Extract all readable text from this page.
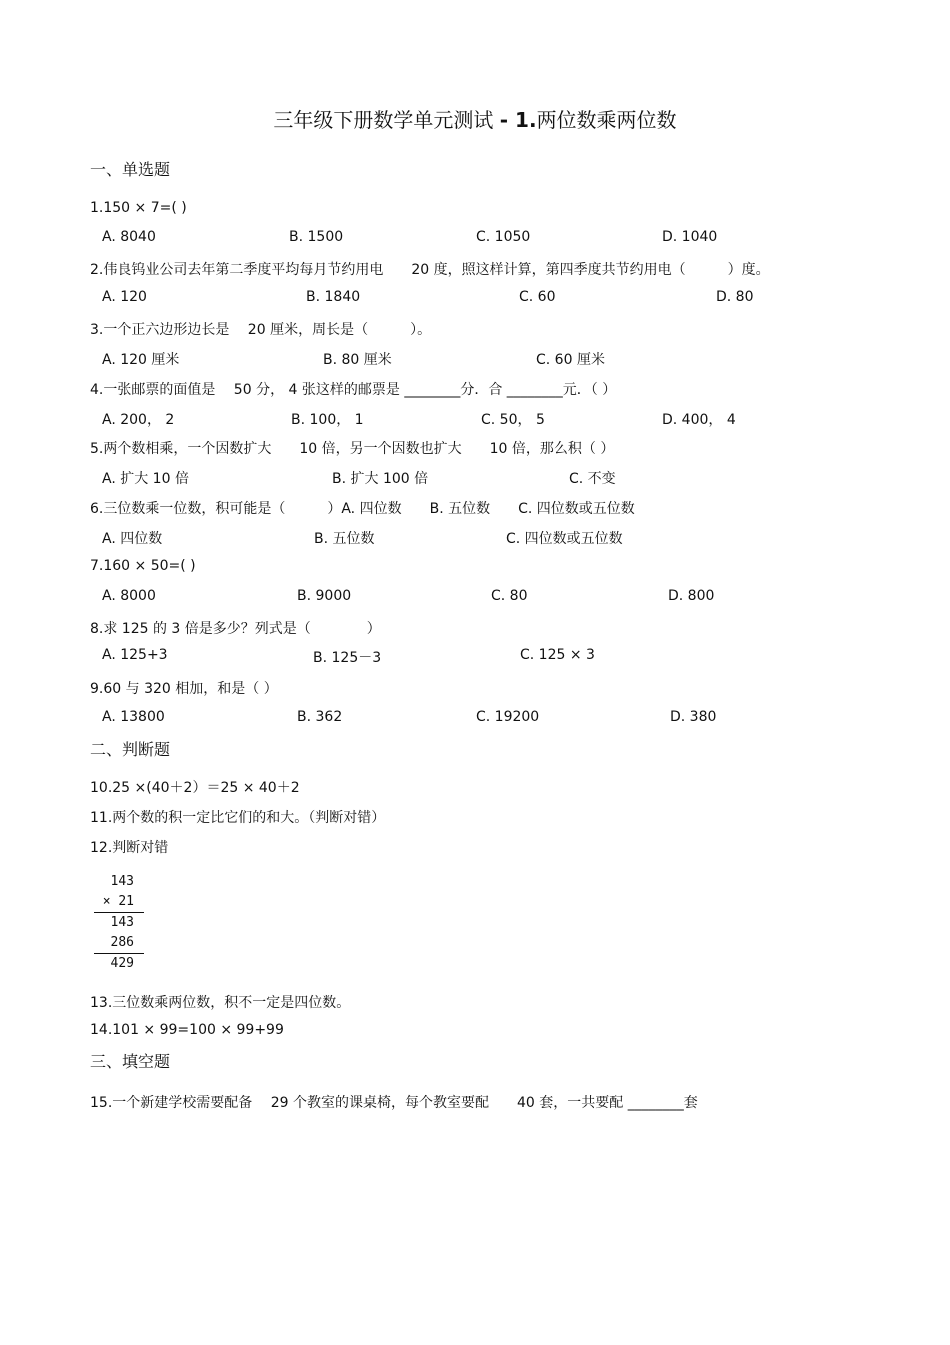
三年级下册数学单元测试 - 1.两位数乘两位数
一、单选题
1.150 × 7=( )
A. 8040	B. 1500	C. 1050	D. 1040
2.伟良钨业公司去年第二季度平均每月节约用电　　20 度，照这样计算，第四季度共节约用电（　　　）度。
A. 120	B. 1840	C. 60	D. 80
3.一个正六边形边长是　 20 厘米，周长是（　　　）。
A. 120 厘米	B. 80 厘米	C. 60 厘米
4.一张邮票的面值是　 50 分， 4 张这样的邮票是 ________分．合 ________元．（ ）
A. 200， 2	B. 100， 1	C. 50， 5	D. 400， 4
5.两个数相乘，一个因数扩大　　10 倍，另一个因数也扩大　　10 倍，那么积（ ）
A. 扩大 10 倍	B. 扩大 100 倍	C. 不变
6.三位数乘一位数，积可能是（　　　）A. 四位数　　B. 五位数　　C. 四位数或五位数
A. 四位数	B. 五位数	C. 四位数或五位数
7.160 × 50=( )
A. 8000	B. 9000	C. 80	D. 800
8.求 125 的 3 倍是多少？列式是（　　　　）
A. 125+3	B. 125－3	C. 125 × 3
9.60 与 320 相加，和是（ ）
A. 13800	B. 362	C. 19200	D. 380
二、判断题
10.25 ×(40＋2）＝25 × 40＋2
11.两个数的积一定比它们的和大。（判断对错）
12.判断对错
143
× 21
143
286
429
13.三位数乘两位数，积不一定是四位数。
14.101 × 99=100 × 99+99
三、填空题
15.一个新建学校需要配备　 29 个教室的课桌椅，每个教室要配　　40 套，一共要配 ________套
